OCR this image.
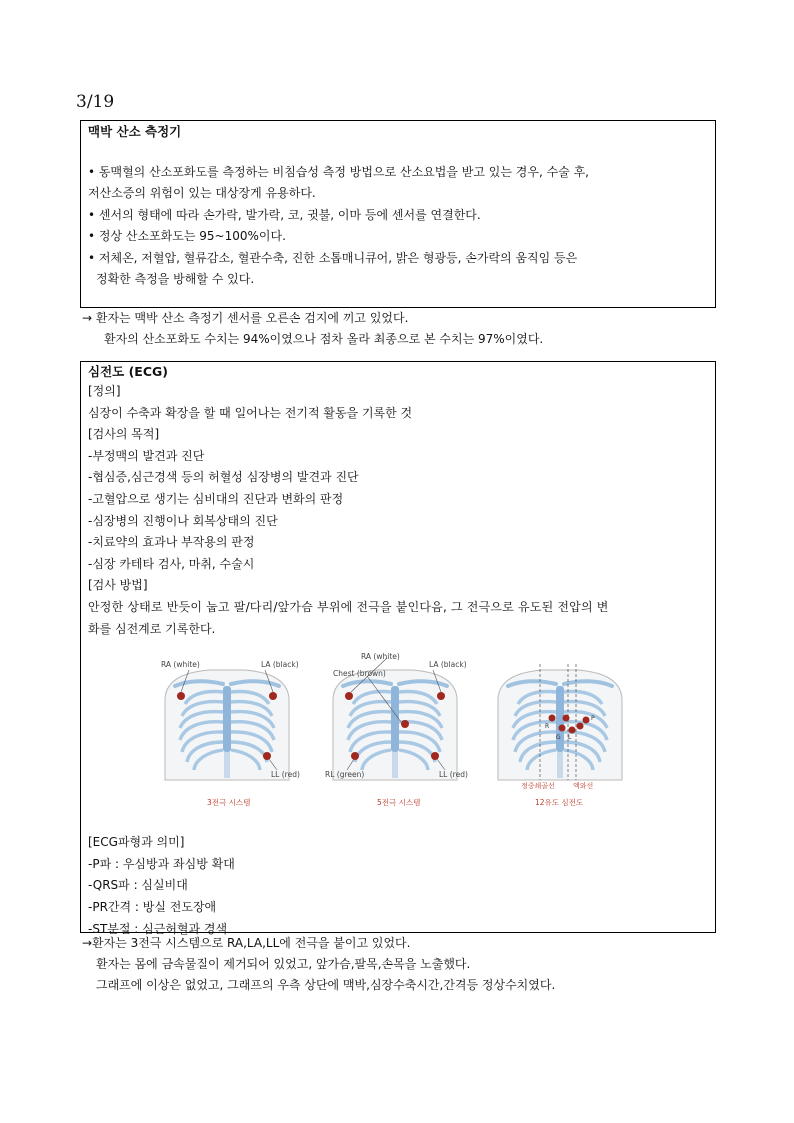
3/19
맥박 산소 측정기
• 동맥혈의 산소포화도를 측정하는 비침습성 측정 방법으로 산소요법을 받고 있는 경우, 수술 후,
저산소증의 위험이 있는 대상장게 유용하다.
• 센서의 형태에 따라 손가락, 발가락, 코, 귓불, 이마 등에 센서를 연결한다.
• 정상 산소포화도는 95~100%이다.
• 저체온, 저혈압, 혈류감소, 혈관수축, 진한 소톱매니큐어, 밝은 형광등, 손가락의 움직임 등은
정확한 측정을 방해할 수 있다.
→ 환자는 맥박 산소 측정기 센서를 오른손 검지에 끼고 있었다.
환자의 산소포화도 수치는 94%이였으나 점차 올라 최종으로 본 수치는 97%이였다.
심전도 (ECG)
[정의]
심장이 수축과 확장을 할 때 일어나는 전기적 활동을 기록한 것
[검사의 목적]
-부정맥의 발견과 진단
-협심증,심근경색 등의 허혈성 심장병의 발견과 진단
-고혈압으로 생기는 심비대의 진단과 변화의 판정
-심장병의 진행이나 회복상태의 진단
-치료약의 효과나 부작용의 판정
-심장 카테타 검사, 마취, 수술시
[검사 방법]
안정한 상태로 반듯이 눕고 팔/다리/앞가슴 부위에 전극을 붙인다음, 그 전극으로 유도된 전압의 변
화를 심전계로 기록한다.
RA (white)	LA (black)
LL (red)
3전극 시스템
RA (white)
Chest (brown)
LA (black)
RL (green)	LL (red)
5전극 시스템
R
P
G L
정중쇄골선	액와선
12유도 심전도
[ECG파형과 의미]
-P파 : 우심방과 좌심방 확대
-QRS파 : 심실비대
-PR간격 : 방실 전도장애
-ST분절 : 심근허혈과 경색
→환자는 3전극 시스템으로 RA,LA,LL에 전극을 붙이고 있었다.
환자는 몸에 금속물질이 제거되어 있었고, 앞가슴,팔목,손목을 노출했다.
그래프에 이상은 없었고, 그래프의 우측 상단에 맥박,심장수축시간,간격등 정상수치였다.
